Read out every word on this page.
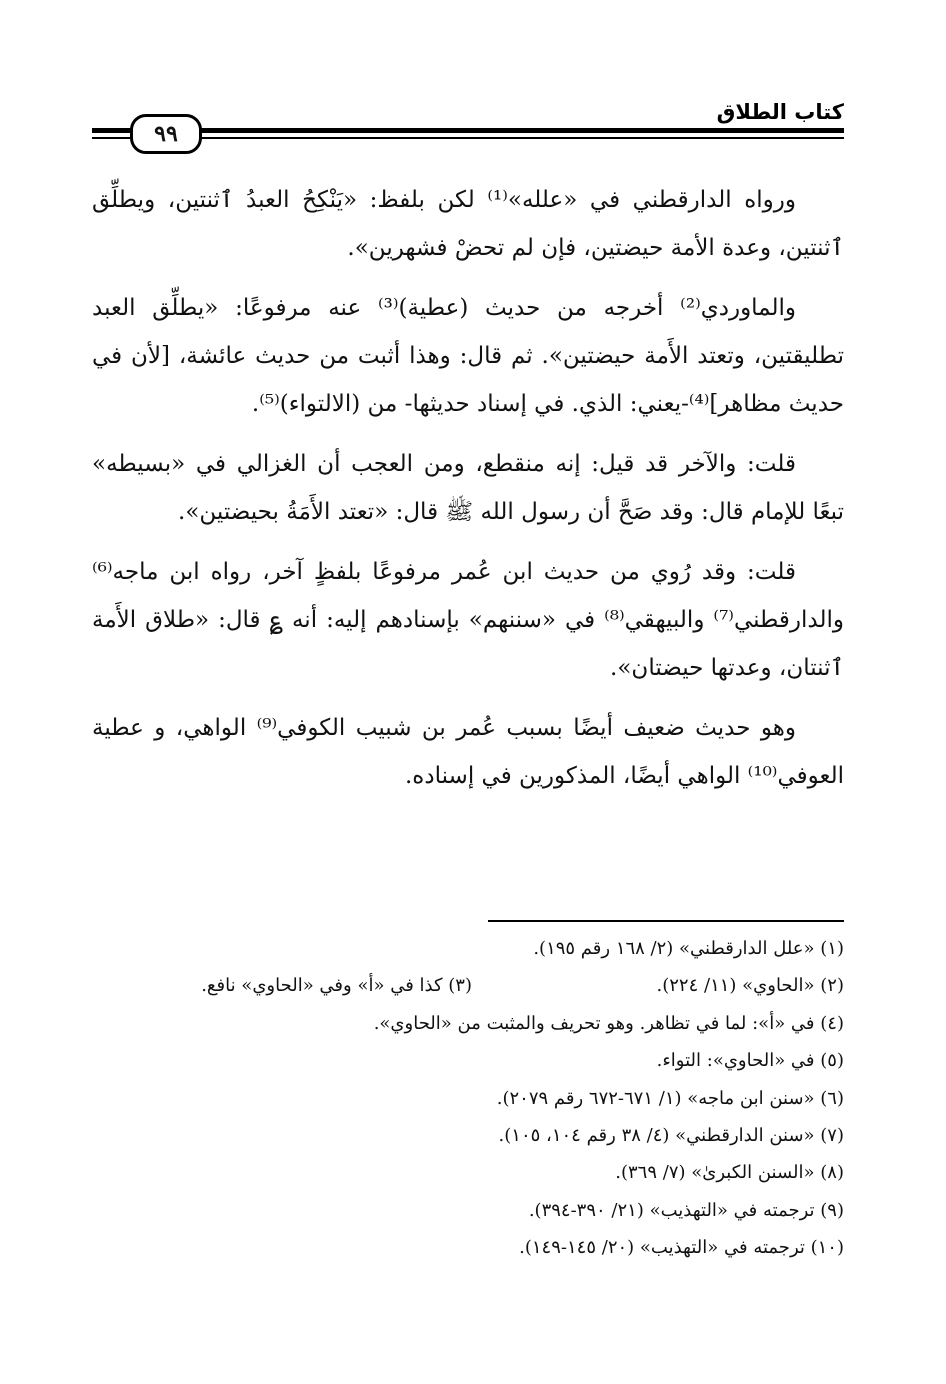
كتاب الطلاق
٩٩

ورواه الدارقطني في «علله»⁽¹⁾ لكن بلفظ: «يَنْكِحُ العبدُ ٱثنتين، ويطلِّق ٱثنتين، وعدة الأمة حيضتين، فإن لم تحضْ فشهرين».

والماوردي⁽²⁾ أخرجه من حديث (عطية)⁽³⁾ عنه مرفوعًا: «يطلِّق العبد تطليقتين، وتعتد الأَمة حيضتين». ثم قال: وهذا أثبت من حديث عائشة، [لأن في حديث مظاهر]⁽⁴⁾-يعني: الذي. في إسناد حديثها- من (الالتواء)⁽⁵⁾.

قلت: والآخر قد قيل: إنه منقطع، ومن العجب أن الغزالي في «بسيطه» تبعًا للإمام قال: وقد صَحَّ أن رسول الله ﷺ قال: «تعتد الأَمَةُ بحيضتين».

قلت: وقد رُوي من حديث ابن عُمر مرفوعًا بلفظٍ آخر، رواه ابن ماجه⁽⁶⁾ والدارقطني⁽⁷⁾ والبيهقي⁽⁸⁾ في «سننهم» بإسنادهم إليه: أنه ؏ قال: «طلاق الأَمة ٱثنتان، وعدتها حيضتان».

وهو حديث ضعيف أيضًا بسبب عُمر بن شبيب الكوفي⁽⁹⁾ الواهي، و عطية العوفي⁽¹⁰⁾ الواهي أيضًا، المذكورين في إسناده.

(١) «علل الدارقطني» (٢/ ١٦٨ رقم ١٩٥).
(٢) «الحاوي» (١١/ ٢٢٤).
(٣) كذا في «أ» وفي «الحاوي» نافع.
(٤) في «أ»: لما في تظاهر. وهو تحريف والمثبت من «الحاوي».
(٥) في «الحاوي»: التواء.
(٦) «سنن ابن ماجه» (١/ ٦٧١-٦٧٢ رقم ٢٠٧٩).
(٧) «سنن الدارقطني» (٤/ ٣٨ رقم ١٠٤، ١٠٥).
(٨) «السنن الكبرىٰ» (٧/ ٣٦٩).
(٩) ترجمته في «التهذيب» (٢١/ ٣٩٠-٣٩٤).
(١٠) ترجمته في «التهذيب» (٢٠/ ١٤٥-١٤٩).
